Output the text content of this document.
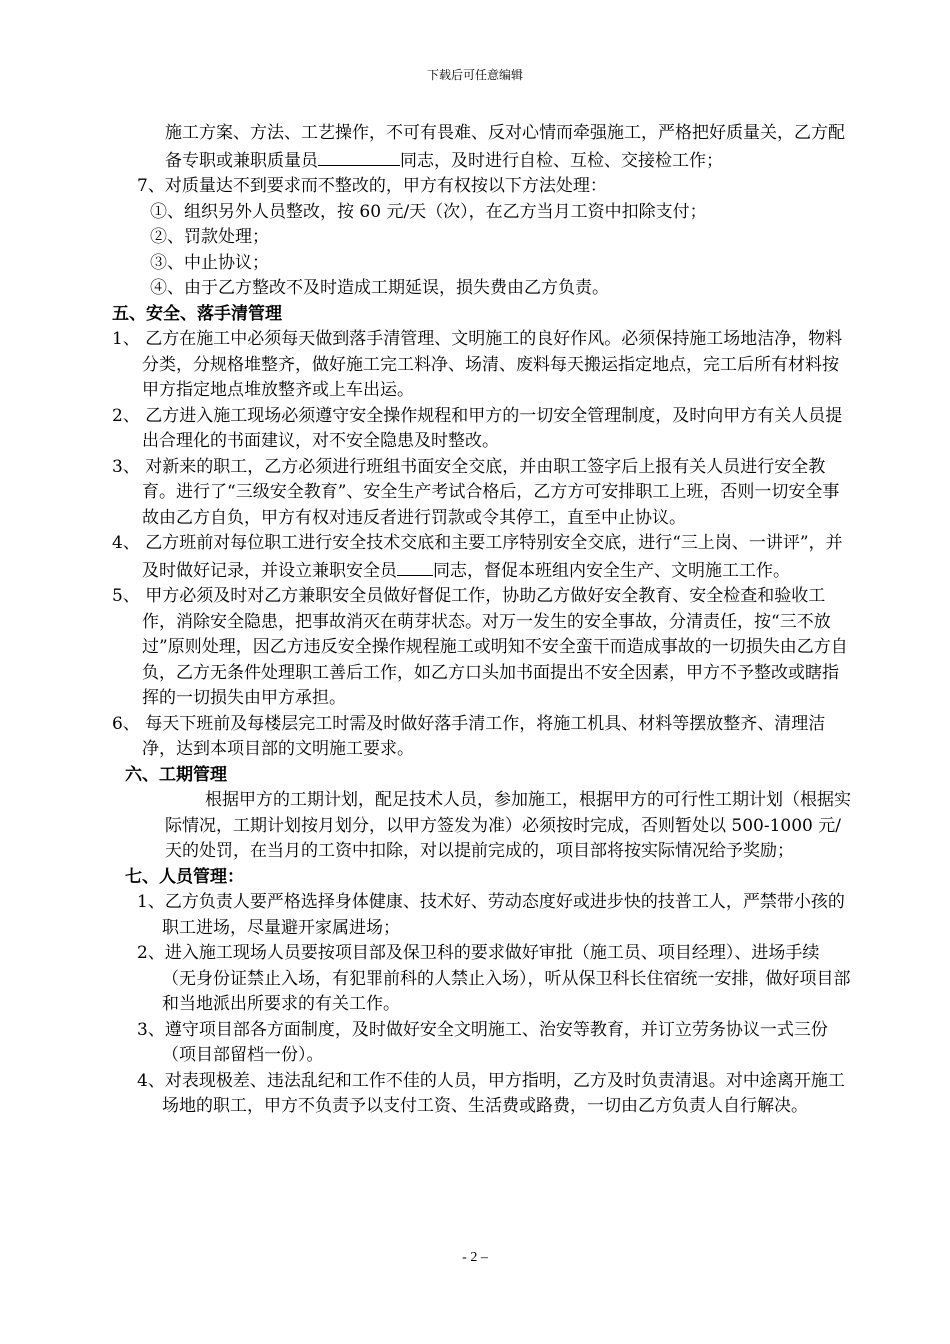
下载后可任意编辑

施工方案、方法、工艺操作，不可有畏难、反对心情而牵强施工，严格把好质量关，乙方配备专职或兼职质量员	同志，及时进行自检、互检、交接检工作；

7、对质量达不到要求而不整改的，甲方有权按以下方法处理：

①、组织另外人员整改，按 60 元/天（次），在乙方当月工资中扣除支付；

②、罚款处理；

③、中止协议；

④、由于乙方整改不及时造成工期延误，损失费由乙方负责。

五、安全、落手清管理

1、 乙方在施工中必须每天做到落手清管理、文明施工的良好作风。必须保持施工场地洁净，物料分类，分规格堆整齐，做好施工完工料净、场清、废料每天搬运指定地点，完工后所有材料按甲方指定地点堆放整齐或上车出运。

2、 乙方进入施工现场必须遵守安全操作规程和甲方的一切安全管理制度，及时向甲方有关人员提出合理化的书面建议，对不安全隐患及时整改。

3、 对新来的职工，乙方必须进行班组书面安全交底，并由职工签字后上报有关人员进行安全教育。进行了“三级安全教育”、安全生产考试合格后，乙方方可安排职工上班，否则一切安全事故由乙方自负，甲方有权对违反者进行罚款或令其停工，直至中止协议。

4、 乙方班前对每位职工进行安全技术交底和主要工序特别安全交底，进行“三上岗、一讲评”，并及时做好记录，并设立兼职安全员 同志，督促本班组内安全生产、文明施工工作。

5、 甲方必须及时对乙方兼职安全员做好督促工作，协助乙方做好安全教育、安全检查和验收工作，消除安全隐患，把事故消灭在萌芽状态。对万一发生的安全事故，分清责任，按“三不放过”原则处理，因乙方违反安全操作规程施工或明知不安全蛮干而造成事故的一切损失由乙方自负，乙方无条件处理职工善后工作，如乙方口头加书面提出不安全因素，甲方不予整改或瞎指挥的一切损失由甲方承担。

6、 每天下班前及每楼层完工时需及时做好落手清工作，将施工机具、材料等摆放整齐、清理洁净，达到本项目部的文明施工要求。

六、工期管理

根据甲方的工期计划，配足技术人员，参加施工，根据甲方的可行性工期计划（根据实际情况，工期计划按月划分，以甲方签发为准）必须按时完成，否则暂处以 500-1000 元/天的处罚，在当月的工资中扣除，对以提前完成的，项目部将按实际情况给予奖励；

七、人员管理：

1、乙方负责人要严格选择身体健康、技术好、劳动态度好或进步快的技普工人，严禁带小孩的职工进场，尽量避开家属进场；

2、进入施工现场人员要按项目部及保卫科的要求做好审批（施工员、项目经理）、进场手续（无身份证禁止入场，有犯罪前科的人禁止入场），听从保卫科长住宿统一安排，做好项目部和当地派出所要求的有关工作。

3、遵守项目部各方面制度，及时做好安全文明施工、治安等教育，并订立劳务协议一式三份（项目部留档一份）。

4、对表现极差、违法乱纪和工作不佳的人员，甲方指明，乙方及时负责清退。对中途离开施工场地的职工，甲方不负责予以支付工资、生活费或路费，一切由乙方负责人自行解决。

- 2 –
